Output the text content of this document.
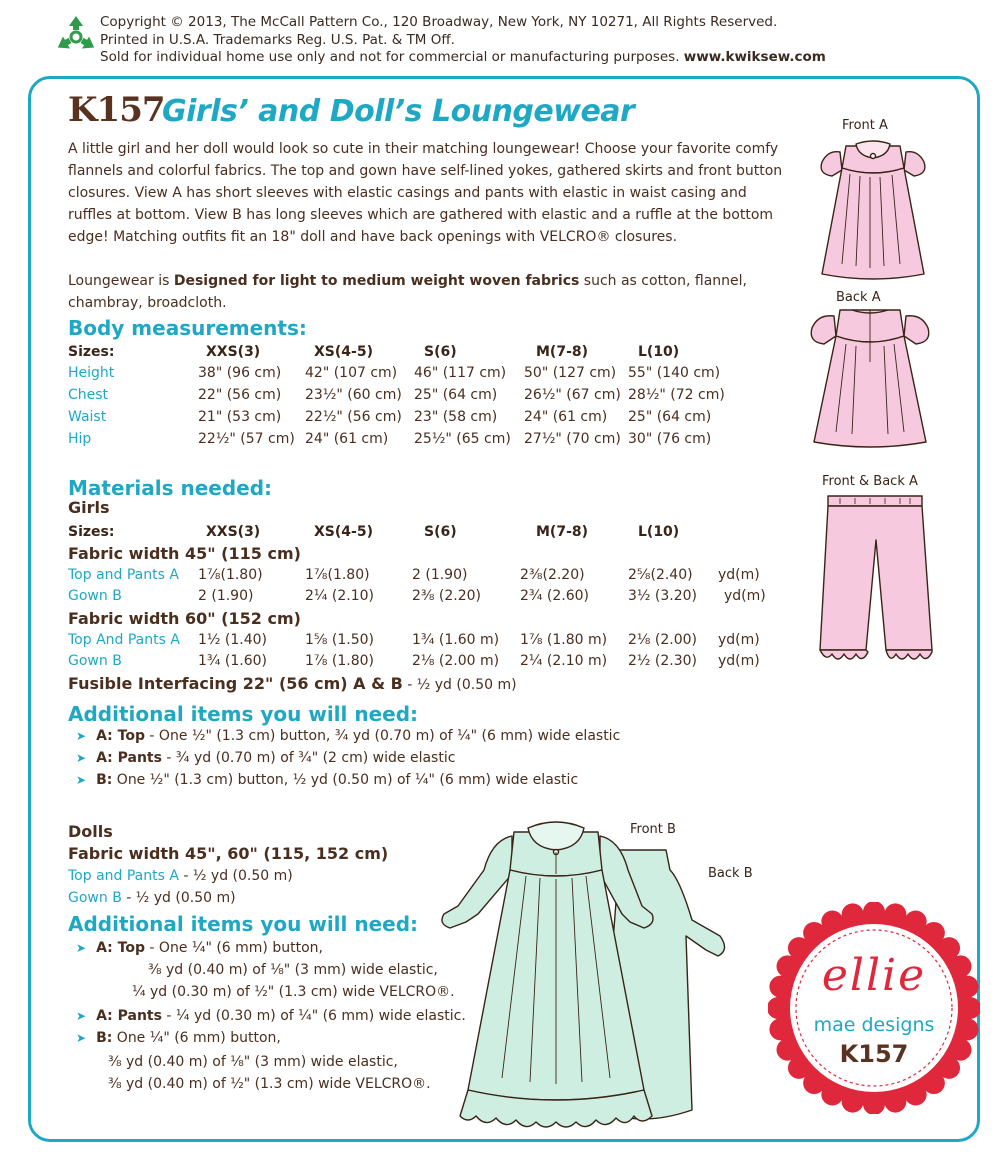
Copyright © 2013, The McCall Pattern Co., 120 Broadway, New York, NY 10271, All Rights Reserved.
Printed in U.S.A. Trademarks Reg. U.S. Pat. & TM Off.
Sold for individual home use only and not for commercial or manufacturing purposes. www.kwiksew.com
K157
Girls’ and Doll’s Loungewear

A little girl and her doll would look so cute in their matching loungewear! Choose your favorite comfy flannels and colorful fabrics. The top and gown have self-lined yokes, gathered skirts and front button closures. View A has short sleeves with elastic casings and pants with elastic in waist casing and ruffles at bottom. View B has long sleeves which are gathered with elastic and a ruffle at the bottom edge! Matching outfits fit an 18" doll and have back openings with VELCRO® closures.

Loungewear is Designed for light to medium weight woven fabrics such as cotton, flannel, chambray, broadcloth.

Body measurements:
Sizes:	XXS(3)	XS(4-5)	S(6)	M(7-8)	L(10)
Height	38" (96 cm) 42" (107 cm) 46" (117 cm) 50" (127 cm) 55" (140 cm)
Chest	22" (56 cm) 23½" (60 cm) 25" (64 cm) 26½" (67 cm) 28½" (72 cm)
Waist	21" (53 cm) 22½" (56 cm) 23" (58 cm) 24" (61 cm) 25" (64 cm)
Hip	22½" (57 cm) 24" (61 cm) 25½" (65 cm) 27½" (70 cm) 30" (76 cm)
Materials needed:
Girls
Sizes:	XXS(3)	XS(4-5)	S(6)	M(7-8)	L(10)
Fabric width 45" (115 cm)
Top and Pants A 1⅞(1.80)	1⅞(1.80)	2 (1.90)	2⅜(2.20)	2⅝(2.40) yd(m)
Gown B	2 (1.90)	2¼ (2.10)	2⅜ (2.20)	2¾ (2.60)	3½ (3.20) yd(m)
Fabric width 60" (152 cm)
Top And Pants A 1½ (1.40)	1⅝ (1.50)	1¾ (1.60 m) 1⅞ (1.80 m) 2⅛ (2.00) yd(m)
Gown B	1¾ (1.60)	1⅞ (1.80)	2⅛ (2.00 m) 2¼ (2.10 m) 2½ (2.30) yd(m)
Fusible Interfacing 22" (56 cm) A & B - ½ yd (0.50 m)
Additional items you will need:
➤ A: Top - One ½" (1.3 cm) button, ¾ yd (0.70 m) of ¼" (6 mm) wide elastic
➤ A: Pants - ¾ yd (0.70 m) of ¾" (2 cm) wide elastic
➤ B: One ½" (1.3 cm) button, ½ yd (0.50 m) of ¼" (6 mm) wide elastic
Dolls
Fabric width 45", 60" (115, 152 cm)
Top and Pants A - ½ yd (0.50 m)
Gown B - ½ yd (0.50 m)
Additional items you will need:
➤ A: Top - One ¼" (6 mm) button,
⅜ yd (0.40 m) of ⅛" (3 mm) wide elastic,
¼ yd (0.30 m) of ½" (1.3 cm) wide VELCRO®.
➤ A: Pants - ¼ yd (0.30 m) of ¼" (6 mm) wide elastic.
➤ B: One ¼" (6 mm) button,
⅜ yd (0.40 m) of ⅛" (3 mm) wide elastic,
⅜ yd (0.40 m) of ½" (1.3 cm) wide VELCRO®.
Front A
Back A
Front & Back A
Front B
Back B
ellie
mae designs
K157
